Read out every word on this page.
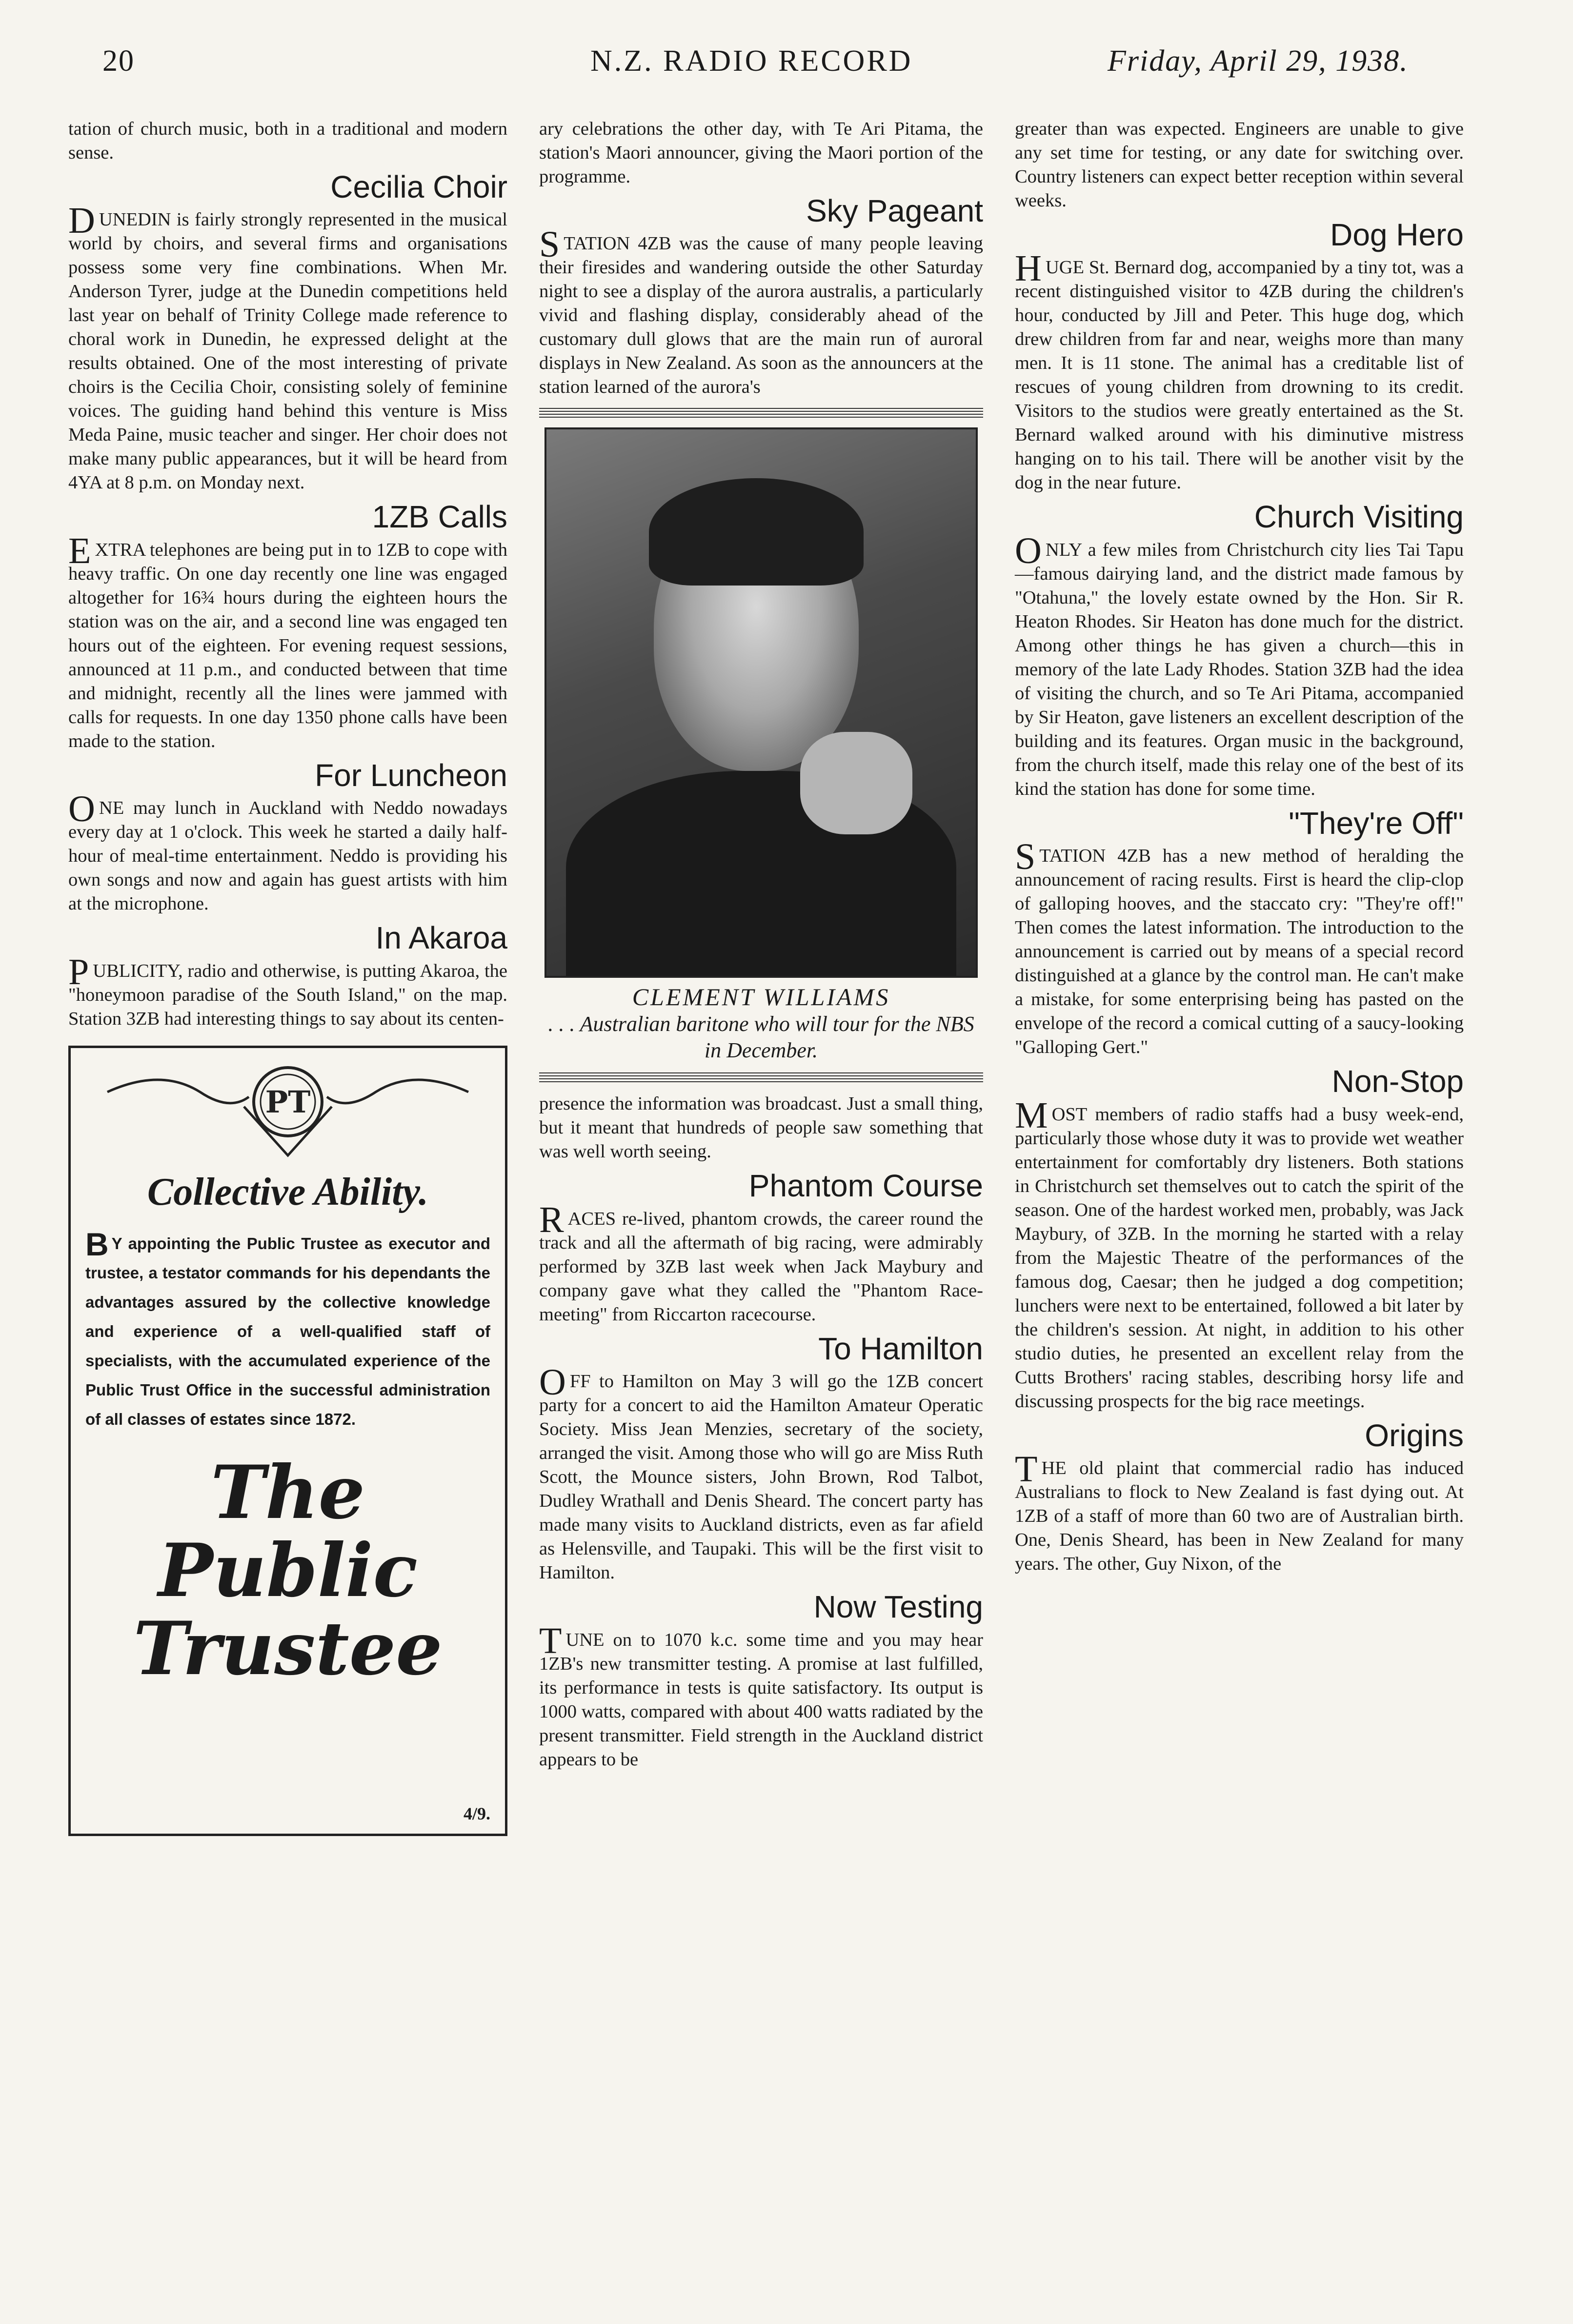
20	N.Z. RADIO RECORD	Friday, April 29, 1938.

tation of church music, both in a traditional and modern sense.

Cecilia Choir

DUNEDIN is fairly strongly represented in the musical world by choirs, and several firms and organisations possess some very fine combinations. When Mr. Anderson Tyrer, judge at the Dunedin competitions held last year on behalf of Trinity College made reference to choral work in Dunedin, he expressed delight at the results obtained. One of the most interesting of private choirs is the Cecilia Choir, consisting solely of feminine voices. The guiding hand behind this venture is Miss Meda Paine, music teacher and singer. Her choir does not make many public appearances, but it will be heard from 4YA at 8 p.m. on Monday next.

1ZB Calls

EXTRA telephones are being put in to 1ZB to cope with heavy traffic. On one day recently one line was engaged altogether for 16¾ hours during the eighteen hours the station was on the air, and a second line was engaged ten hours out of the eighteen. For evening request sessions, announced at 11 p.m., and conducted between that time and midnight, recently all the lines were jammed with calls for requests. In one day 1350 phone calls have been made to the station.

For Luncheon

ONE may lunch in Auckland with Neddo nowadays every day at 1 o'clock. This week he started a daily half-hour of meal-time entertainment. Neddo is providing his own songs and now and again has guest artists with him at the microphone.

In Akaroa

PUBLICITY, radio and otherwise, is putting Akaroa, the "honeymoon paradise of the South Island," on the map. Station 3ZB had interesting things to say about its centen-

PT
Collective Ability.

B Y appointing the Public Trustee as executor and trustee, a testator commands for his dependants the advantages assured by the collective knowledge and experience of a well-qualified staff of specialists, with the accumulated experience of the Public Trust Office in the successful administration of all classes of estates since 1872.

The Public Trustee
4/9.

ary celebrations the other day, with Te Ari Pitama, the station's Maori announcer, giving the Maori portion of the programme.

Sky Pageant

STATION 4ZB was the cause of many people leaving their firesides and wandering outside the other Saturday night to see a display of the aurora australis, a particularly vivid and flashing display, considerably ahead of the customary dull glows that are the main run of auroral displays in New Zealand. As soon as the announcers at the station learned of the aurora's

CLEMENT WILLIAMS
. . . Australian baritone who will tour for the NBS in December.

presence the information was broadcast. Just a small thing, but it meant that hundreds of people saw something that was well worth seeing.

Phantom Course

RACES re-lived, phantom crowds, the career round the track and all the aftermath of big racing, were admirably performed by 3ZB last week when Jack Maybury and company gave what they called the "Phantom Race-meeting" from Riccarton racecourse.

To Hamilton

OFF to Hamilton on May 3 will go the 1ZB concert party for a concert to aid the Hamilton Amateur Operatic Society. Miss Jean Menzies, secretary of the society, arranged the visit. Among those who will go are Miss Ruth Scott, the Mounce sisters, John Brown, Rod Talbot, Dudley Wrathall and Denis Sheard. The concert party has made many visits to Auckland districts, even as far afield as Helensville, and Taupaki. This will be the first visit to Hamilton.

Now Testing

TUNE on to 1070 k.c. some time and you may hear 1ZB's new transmitter testing. A promise at last fulfilled, its performance in tests is quite satisfactory. Its output is 1000 watts, compared with about 400 watts radiated by the present transmitter. Field strength in the Auckland district appears to be

greater than was expected. Engineers are unable to give any set time for testing, or any date for switching over. Country listeners can expect better reception within several weeks.

Dog Hero

HUGE St. Bernard dog, accompanied by a tiny tot, was a recent distinguished visitor to 4ZB during the children's hour, conducted by Jill and Peter. This huge dog, which drew children from far and near, weighs more than many men. It is 11 stone. The animal has a creditable list of rescues of young children from drowning to its credit. Visitors to the studios were greatly entertained as the St. Bernard walked around with his diminutive mistress hanging on to his tail. There will be another visit by the dog in the near future.

Church Visiting

ONLY a few miles from Christchurch city lies Tai Tapu—famous dairying land, and the district made famous by "Otahuna," the lovely estate owned by the Hon. Sir R. Heaton Rhodes. Sir Heaton has done much for the district. Among other things he has given a church—this in memory of the late Lady Rhodes. Station 3ZB had the idea of visiting the church, and so Te Ari Pitama, accompanied by Sir Heaton, gave listeners an excellent description of the building and its features. Organ music in the background, from the church itself, made this relay one of the best of its kind the station has done for some time.

"They're Off"

STATION 4ZB has a new method of heralding the announcement of racing results. First is heard the clip-clop of galloping hooves, and the staccato cry: "They're off!" Then comes the latest information. The introduction to the announcement is carried out by means of a special record distinguished at a glance by the control man. He can't make a mistake, for some enterprising being has pasted on the envelope of the record a comical cutting of a saucy-looking "Galloping Gert."

Non-Stop

MOST members of radio staffs had a busy week-end, particularly those whose duty it was to provide wet weather entertainment for comfortably dry listeners. Both stations in Christchurch set themselves out to catch the spirit of the season. One of the hardest worked men, probably, was Jack Maybury, of 3ZB. In the morning he started with a relay from the Majestic Theatre of the performances of the famous dog, Caesar; then he judged a dog competition; lunchers were next to be entertained, followed a bit later by the children's session. At night, in addition to his other studio duties, he presented an excellent relay from the Cutts Brothers' racing stables, describing horsy life and discussing prospects for the big race meetings.

Origins

THE old plaint that commercial radio has induced Australians to flock to New Zealand is fast dying out. At 1ZB of a staff of more than 60 two are of Australian birth. One, Denis Sheard, has been in New Zealand for many years. The other, Guy Nixon, of the
